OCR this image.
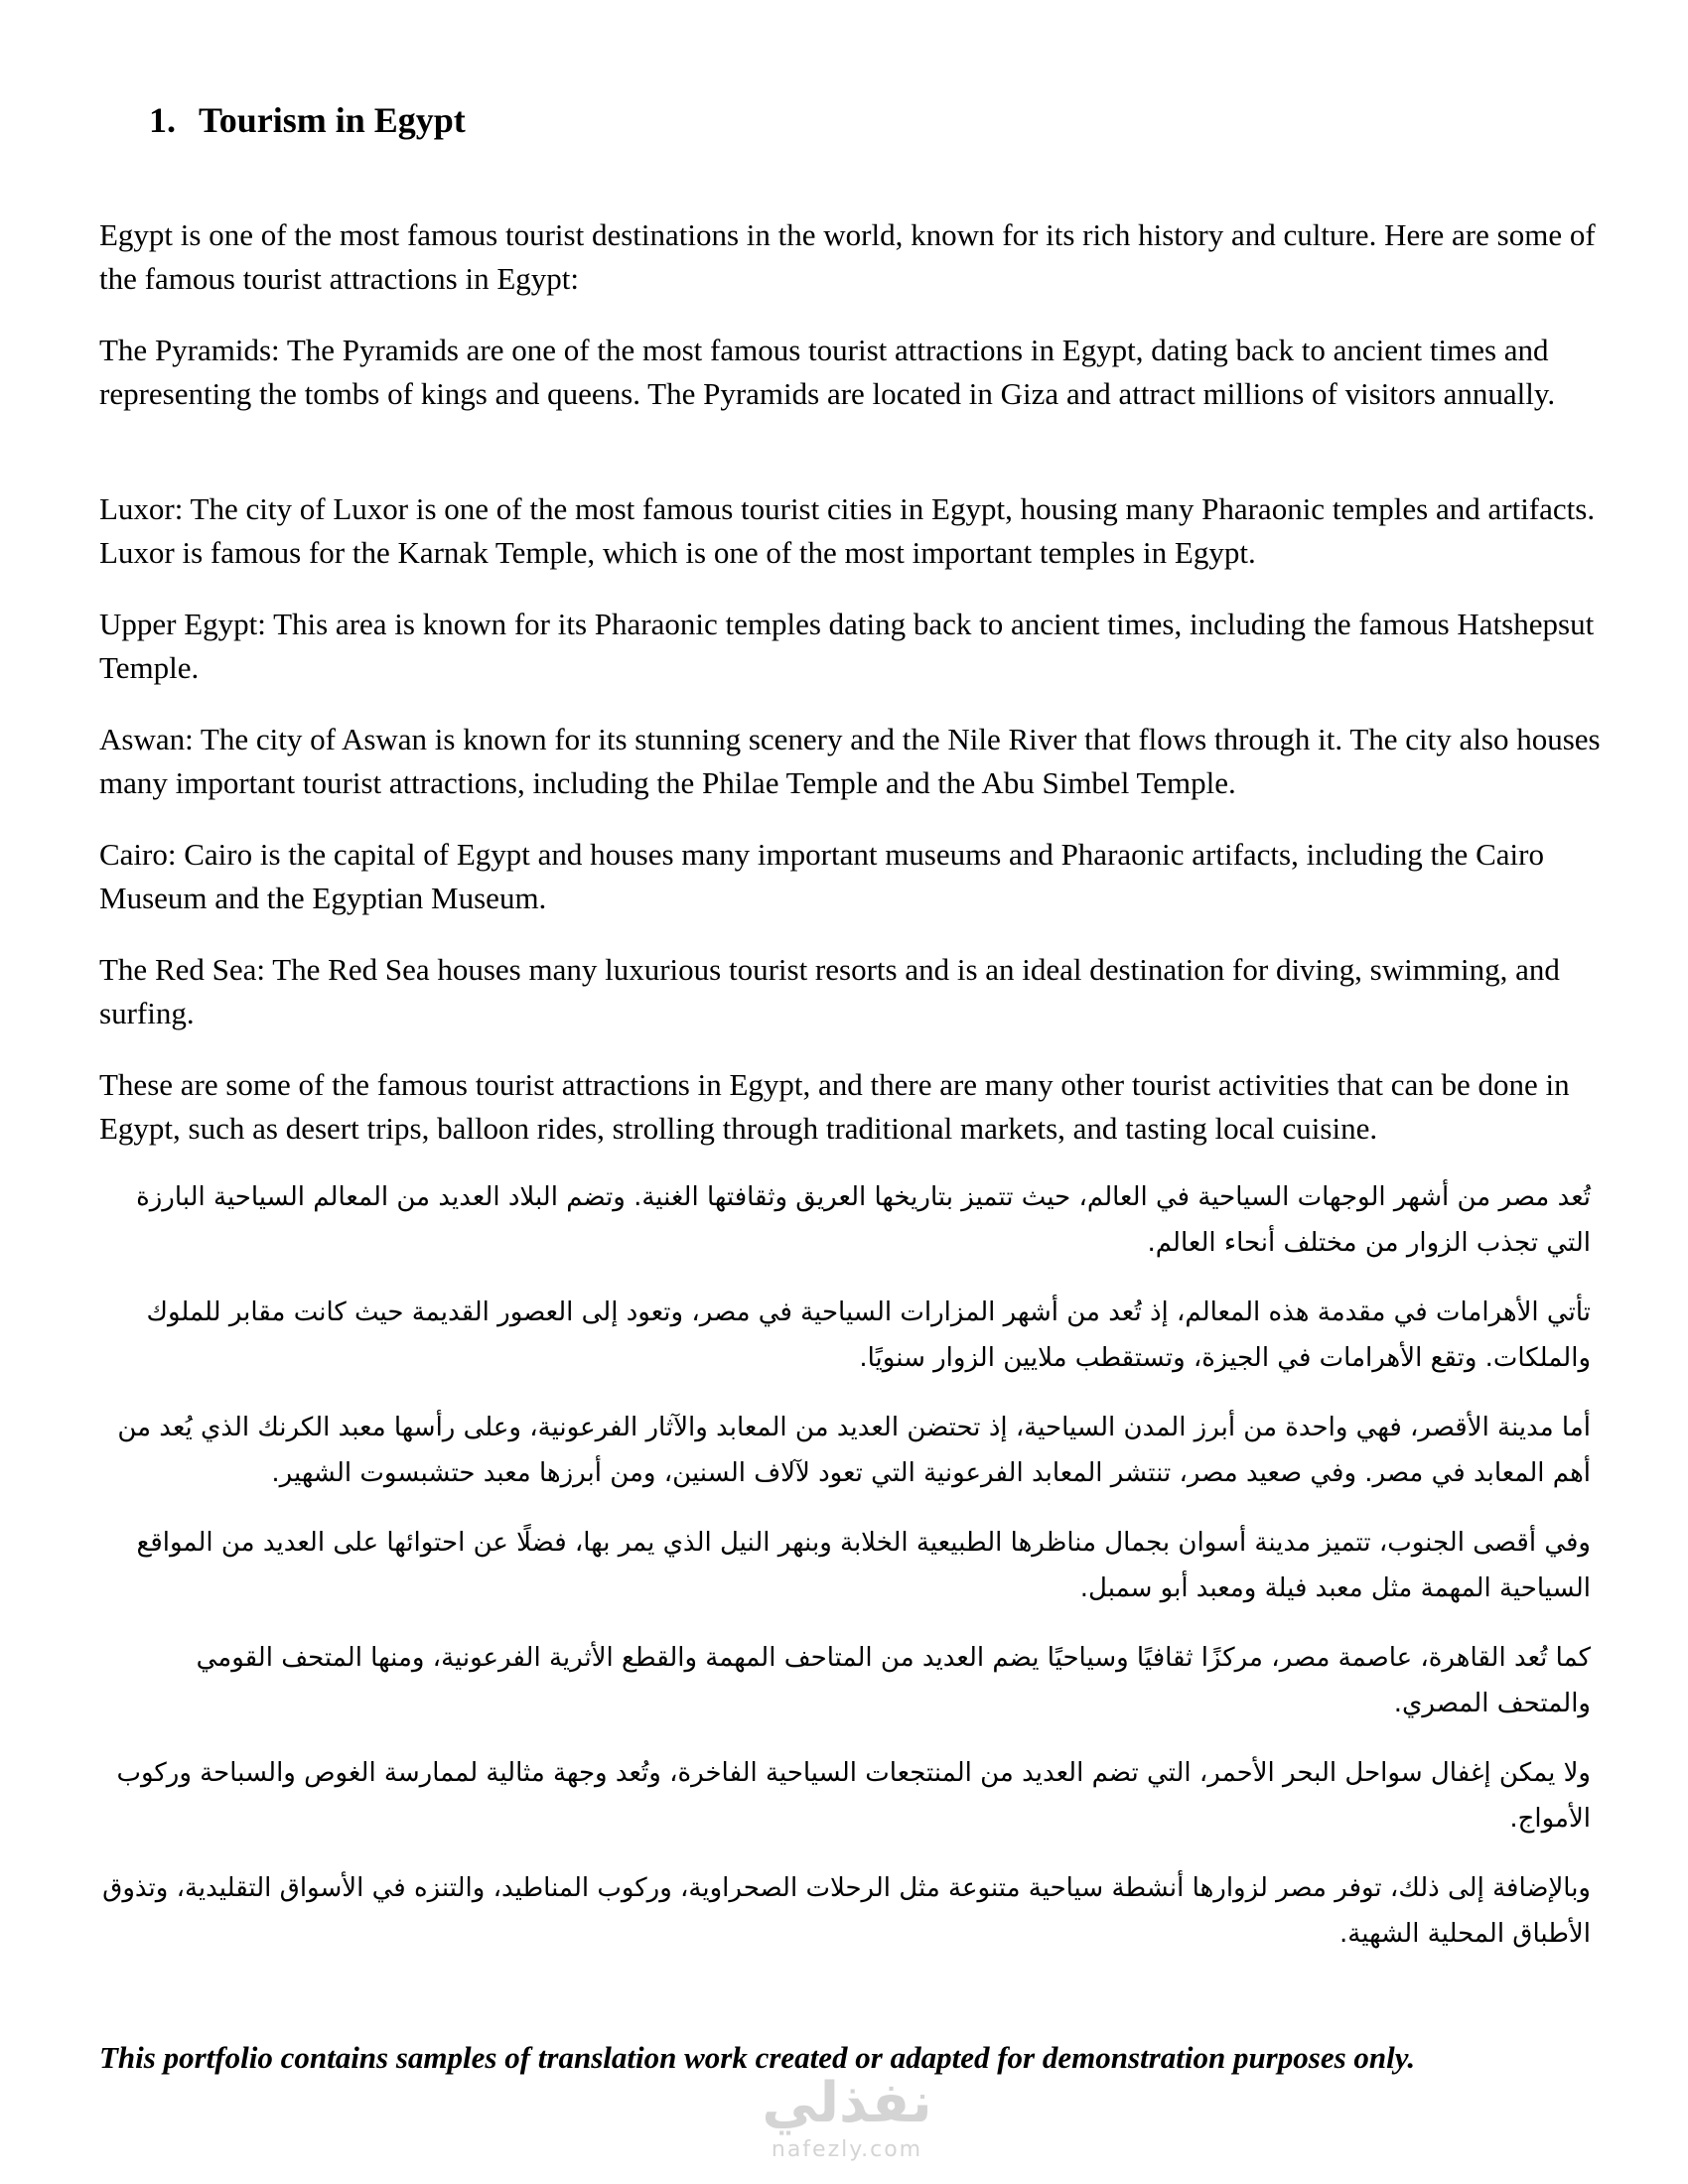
1. Tourism in Egypt

Egypt is one of the most famous tourist destinations in the world, known for its rich history and culture. Here are some of the famous tourist attractions in Egypt:

The Pyramids: The Pyramids are one of the most famous tourist attractions in Egypt, dating back to ancient times and representing the tombs of kings and queens. The Pyramids are located in Giza and attract millions of visitors annually.

Luxor: The city of Luxor is one of the most famous tourist cities in Egypt, housing many Pharaonic temples and artifacts. Luxor is famous for the Karnak Temple, which is one of the most important temples in Egypt.

Upper Egypt: This area is known for its Pharaonic temples dating back to ancient times, including the famous Hatshepsut Temple.

Aswan: The city of Aswan is known for its stunning scenery and the Nile River that flows through it. The city also houses many important tourist attractions, including the Philae Temple and the Abu Simbel Temple.

Cairo: Cairo is the capital of Egypt and houses many important museums and Pharaonic artifacts, including the Cairo Museum and the Egyptian Museum.

The Red Sea: The Red Sea houses many luxurious tourist resorts and is an ideal destination for diving, swimming, and surfing.

These are some of the famous tourist attractions in Egypt, and there are many other tourist activities that can be done in Egypt, such as desert trips, balloon rides, strolling through traditional markets, and tasting local cuisine.

تُعد مصر من أشهر الوجهات السياحية في العالم، حيث تتميز بتاريخها العريق وثقافتها الغنية. وتضم البلاد العديد من المعالم السياحية البارزة التي تجذب الزوار من مختلف أنحاء العالم.

تأتي الأهرامات في مقدمة هذه المعالم، إذ تُعد من أشهر المزارات السياحية في مصر، وتعود إلى العصور القديمة حيث كانت مقابر للملوك والملكات. وتقع الأهرامات في الجيزة، وتستقطب ملايين الزوار سنويًا.

أما مدينة الأقصر، فهي واحدة من أبرز المدن السياحية، إذ تحتضن العديد من المعابد والآثار الفرعونية، وعلى رأسها معبد الكرنك الذي يُعد من أهم المعابد في مصر. وفي صعيد مصر، تنتشر المعابد الفرعونية التي تعود لآلاف السنين، ومن أبرزها معبد حتشبسوت الشهير.

وفي أقصى الجنوب، تتميز مدينة أسوان بجمال مناظرها الطبيعية الخلابة وبنهر النيل الذي يمر بها، فضلًا عن احتوائها على العديد من المواقع السياحية المهمة مثل معبد فيلة ومعبد أبو سمبل.

كما تُعد القاهرة، عاصمة مصر، مركزًا ثقافيًا وسياحيًا يضم العديد من المتاحف المهمة والقطع الأثرية الفرعونية، ومنها المتحف القومي والمتحف المصري.

ولا يمكن إغفال سواحل البحر الأحمر، التي تضم العديد من المنتجعات السياحية الفاخرة، وتُعد وجهة مثالية لممارسة الغوص والسباحة وركوب الأمواج.

وبالإضافة إلى ذلك، توفر مصر لزوارها أنشطة سياحية متنوعة مثل الرحلات الصحراوية، وركوب المناطيد، والتنزه في الأسواق التقليدية، وتذوق الأطباق المحلية الشهية.

This portfolio contains samples of translation work created or adapted for demonstration purposes only.

نفذلي
nafezly.com
